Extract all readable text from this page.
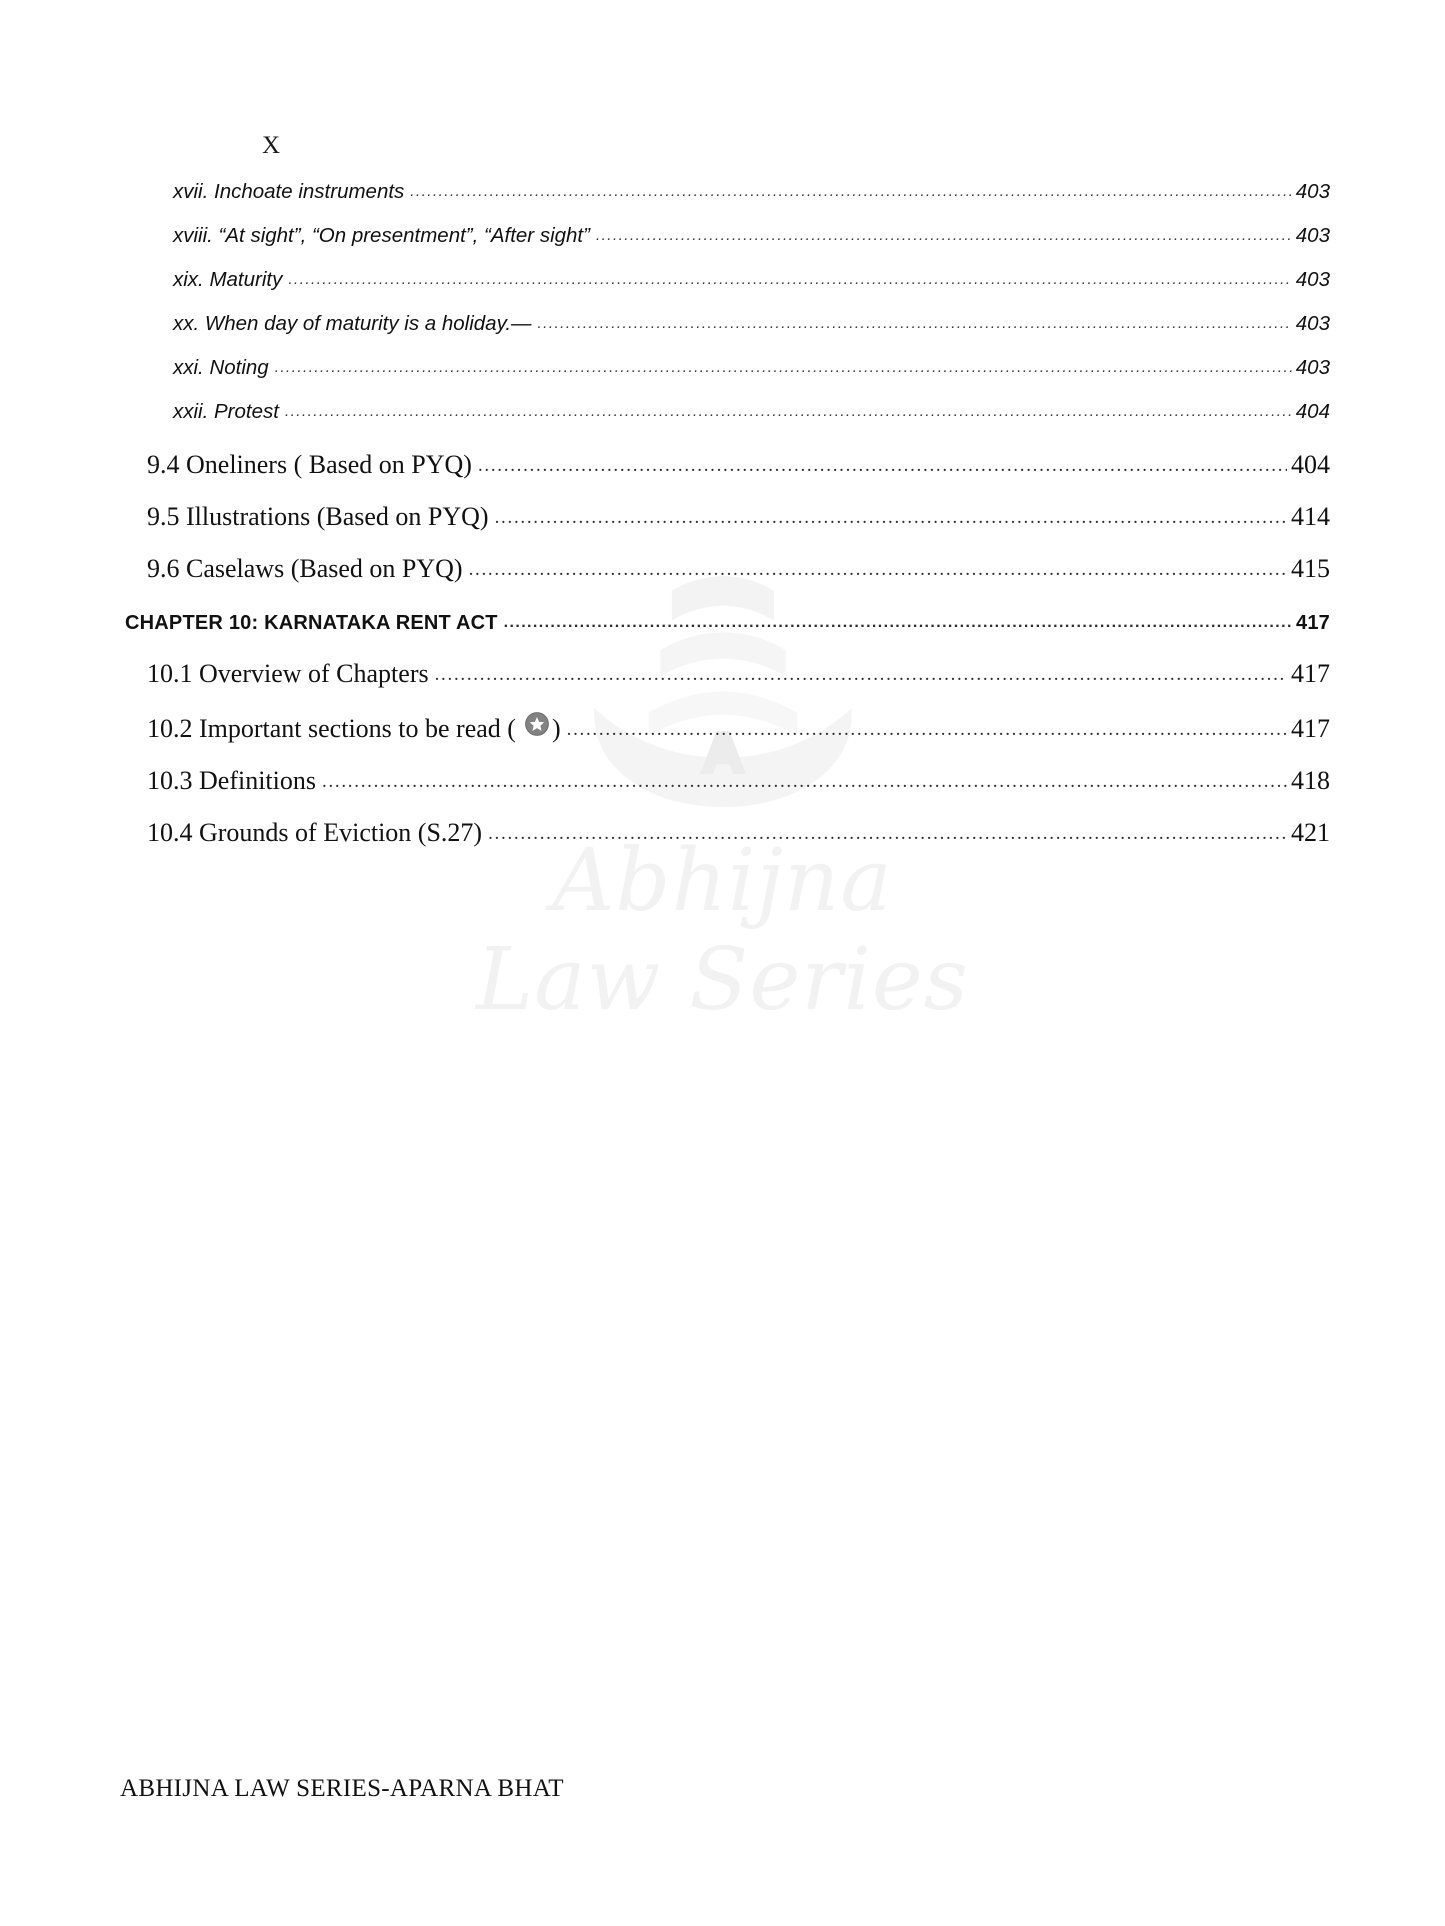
Abhijna
Law Series
X
xvii. Inchoate instruments .....	403
xviii. “At sight”, “On presentment”, “After sight” .....	403
xix. Maturity .....	403
xx. When day of maturity is a holiday.— .....	403
xxi. Noting .....	403
xxii. Protest .....	404
9.4 Oneliners ( Based on PYQ) .....	404
9.5 Illustrations (Based on PYQ) .....	414
9.6 Caselaws (Based on PYQ) .....	415
CHAPTER 10: KARNATAKA RENT ACT .....	417
10.1 Overview of Chapters .....	417
10.2 Important sections to be read ( ) .....	417
10.3 Definitions .....	418
10.4 Grounds of Eviction (S.27) .....	421
ABHIJNA LAW SERIES-APARNA BHAT
